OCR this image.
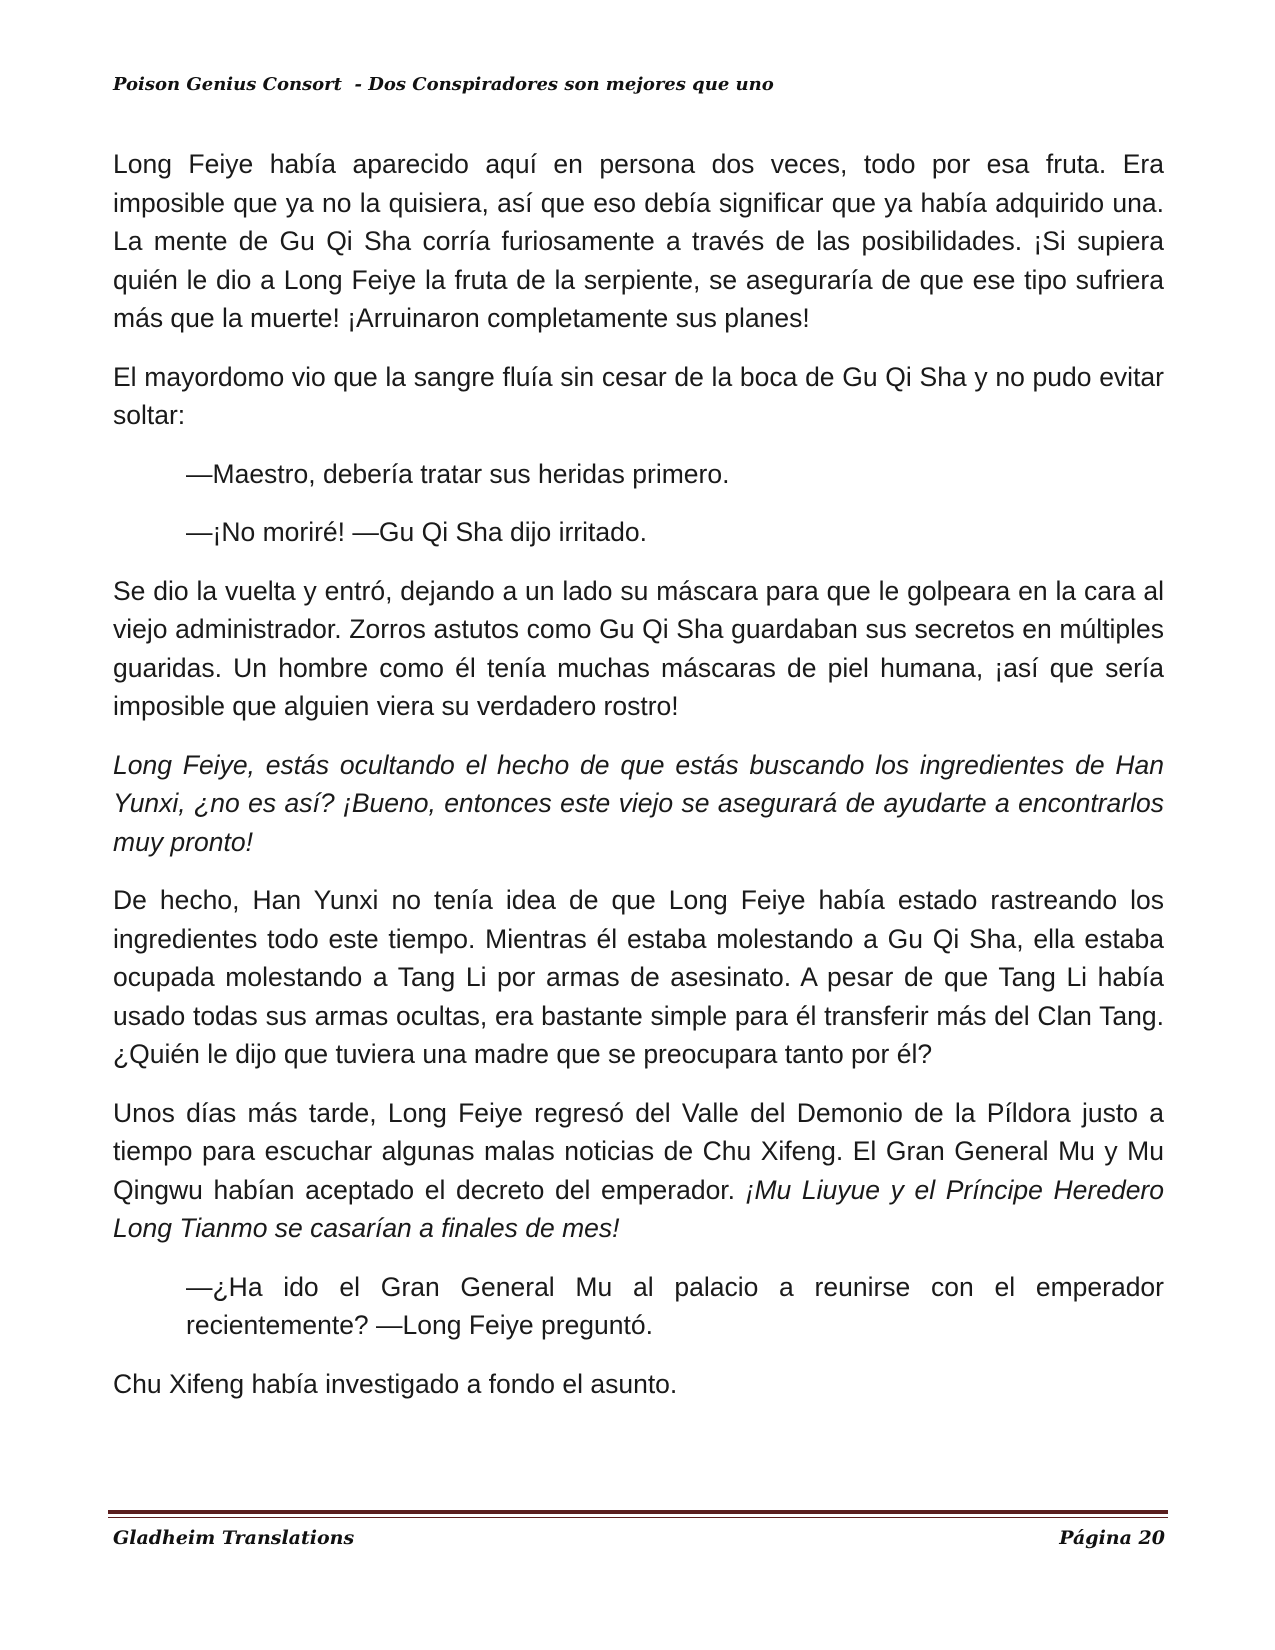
Poison Genius Consort  - Dos Conspiradores son mejores que uno

Long Feiye había aparecido aquí en persona dos veces, todo por esa fruta. Era imposible que ya no la quisiera, así que eso debía significar que ya había adquirido una. La mente de Gu Qi Sha corría furiosamente a través de las posibilidades. ¡Si supiera quién le dio a Long Feiye la fruta de la serpiente, se aseguraría de que ese tipo sufriera más que la muerte! ¡Arruinaron completamente sus planes!

El mayordomo vio que la sangre fluía sin cesar de la boca de Gu Qi Sha y no pudo evitar soltar:

—Maestro, debería tratar sus heridas primero.

—¡No moriré! —Gu Qi Sha dijo irritado.

Se dio la vuelta y entró, dejando a un lado su máscara para que le golpeara en la cara al viejo administrador. Zorros astutos como Gu Qi Sha guardaban sus secretos en múltiples guaridas. Un hombre como él tenía muchas máscaras de piel humana, ¡así que sería imposible que alguien viera su verdadero rostro!

Long Feiye, estás ocultando el hecho de que estás buscando los ingredientes de Han Yunxi, ¿no es así? ¡Bueno, entonces este viejo se asegurará de ayudarte a encontrarlos muy pronto!

De hecho, Han Yunxi no tenía idea de que Long Feiye había estado rastreando los ingredientes todo este tiempo. Mientras él estaba molestando a Gu Qi Sha, ella estaba ocupada molestando a Tang Li por armas de asesinato. A pesar de que Tang Li había usado todas sus armas ocultas, era bastante simple para él transferir más del Clan Tang. ¿Quién le dijo que tuviera una madre que se preocupara tanto por él?

Unos días más tarde, Long Feiye regresó del Valle del Demonio de la Píldora justo a tiempo para escuchar algunas malas noticias de Chu Xifeng. El Gran General Mu y Mu Qingwu habían aceptado el decreto del emperador. ¡Mu Liuyue y el Príncipe Heredero Long Tianmo se casarían a finales de mes!

—¿Ha ido el Gran General Mu al palacio a reunirse con el emperador recientemente? —Long Feiye preguntó.

Chu Xifeng había investigado a fondo el asunto.

Gladheim Translations	Página 20
